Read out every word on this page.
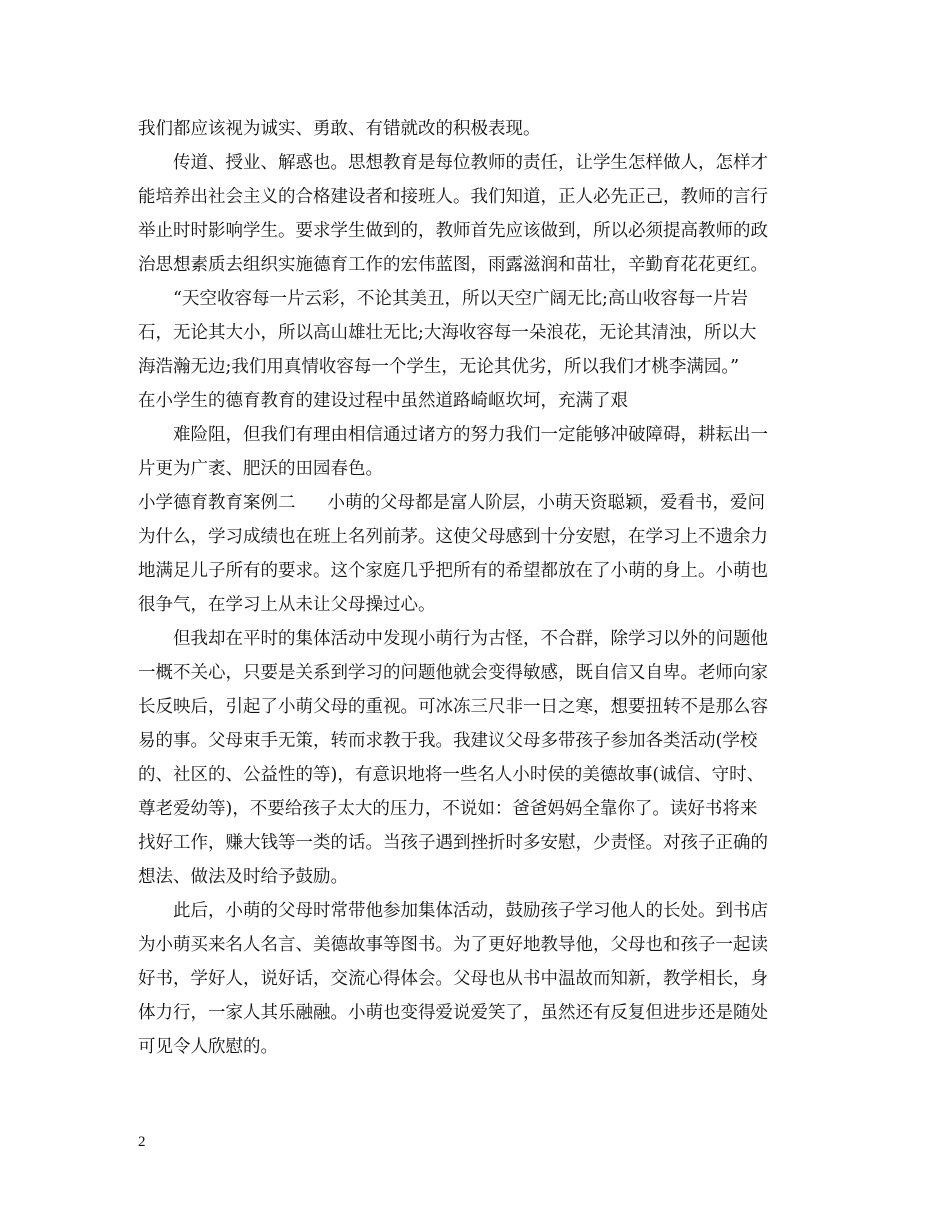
我们都应该视为诚实、勇敢、有错就改的积极表现。
传道、授业、解惑也。思想教育是每位教师的责任，让学生怎样做人，怎样才
能培养出社会主义的合格建设者和接班人。我们知道，正人必先正己，教师的言行
举止时时影响学生。要求学生做到的，教师首先应该做到，所以必须提高教师的政
治思想素质去组织实施德育工作的宏伟蓝图，雨露滋润和苗壮，辛勤育花花更红。
“天空收容每一片云彩，不论其美丑，所以天空广阔无比;高山收容每一片岩
石，无论其大小，所以高山雄壮无比;大海收容每一朵浪花，无论其清浊，所以大
海浩瀚无边;我们用真情收容每一个学生，无论其优劣，所以我们才桃李满园。”
在小学生的德育教育的建设过程中虽然道路崎岖坎坷，充满了艰
难险阻，但我们有理由相信通过诸方的努力我们一定能够冲破障碍，耕耘出一
片更为广袤、肥沃的田园春色。
小学德育教育案例二 小萌的父母都是富人阶层，小萌天资聪颖，爱看书，爱问
为什么，学习成绩也在班上名列前茅。这使父母感到十分安慰，在学习上不遗余力
地满足儿子所有的要求。这个家庭几乎把所有的希望都放在了小萌的身上。小萌也
很争气，在学习上从未让父母操过心。
但我却在平时的集体活动中发现小萌行为古怪，不合群，除学习以外的问题他
一概不关心，只要是关系到学习的问题他就会变得敏感，既自信又自卑。老师向家
长反映后，引起了小萌父母的重视。可冰冻三尺非一日之寒，想要扭转不是那么容
易的事。父母束手无策，转而求教于我。我建议父母多带孩子参加各类活动(学校
的、社区的、公益性的等)，有意识地将一些名人小时侯的美德故事(诚信、守时、
尊老爱幼等)，不要给孩子太大的压力，不说如：爸爸妈妈全靠你了。读好书将来
找好工作，赚大钱等一类的话。当孩子遇到挫折时多安慰，少责怪。对孩子正确的
想法、做法及时给予鼓励。
此后，小萌的父母时常带他参加集体活动，鼓励孩子学习他人的长处。到书店
为小萌买来名人名言、美德故事等图书。为了更好地教导他，父母也和孩子一起读
好书，学好人，说好话，交流心得体会。父母也从书中温故而知新，教学相长，身
体力行，一家人其乐融融。小萌也变得爱说爱笑了，虽然还有反复但进步还是随处
可见令人欣慰的。
2
